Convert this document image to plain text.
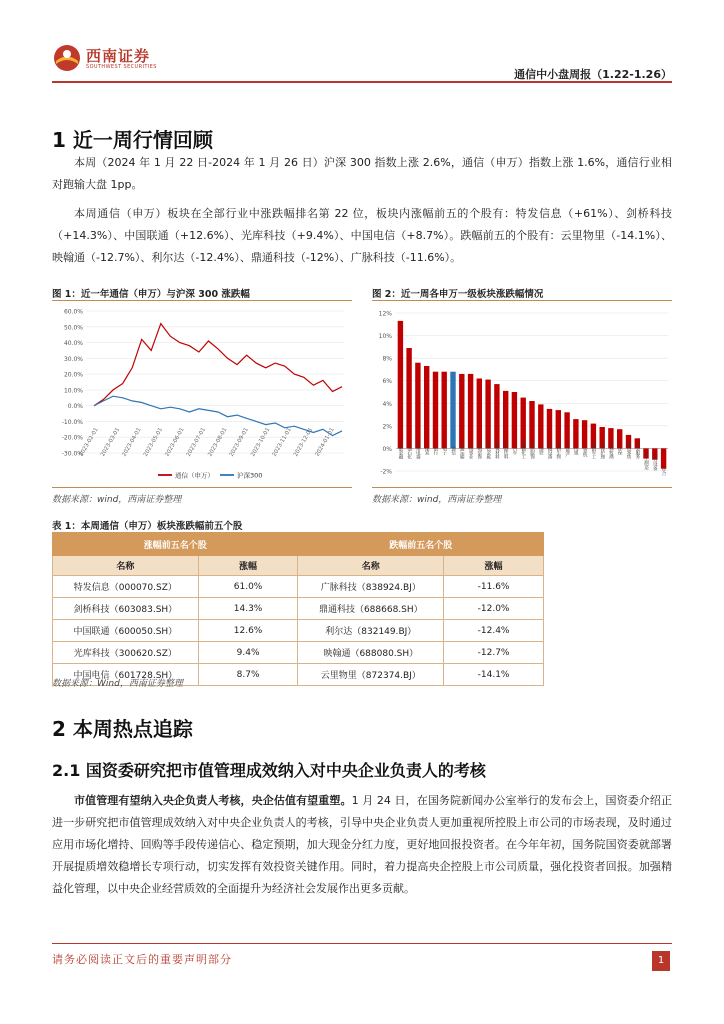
西南证券
SOUTHWEST SECURITIES
通信中小盘周报（1.22-1.26）
1 近一周行情回顾
本周（2024 年 1 月 22 日-2024 年 1 月 26 日）沪深 300 指数上涨 2.6%，通信（申万）指数上涨 1.6%，通信行业相对跑输大盘 1pp。
本周通信（申万）板块在全部行业中涨跌幅排名第 22 位，板块内涨幅前五的个股有：特发信息（+61%）、剑桥科技（+14.3%）、中国联通（+12.6%）、光库科技（+9.4%）、中国电信（+8.7%）。跌幅前五的个股有：云里物里（-14.1%）、映翰通（-12.7%）、利尔达（-12.4%）、鼎通科技（-12%）、广脉科技（-11.6%）。
图 1：近一年通信（申万）与沪深 300 涨跌幅	图 2：近一周各申万一级板块涨跌幅情况
60.0%
50.0%
40.0%
30.0%
20.0%
10.0%
0.0%
-10.0%
-20.0%
-30.0%
2023-02-01 2023-03-01 2023-04-01 2023-05-01 2023-06-01 2023-07-01 2023-08-01 2023-09-01 2023-10-01 2023-11-01 2023-12-01 2024-01-01
通信（申万）	沪深300
12%
10%
8%
6%
4%
2%
0%
-2%
非银金融 石油石化 家用电器 煤炭 银行 电子 通信 交通运输 公用事业 建筑装饰 有色金属 建筑材料 食品饮料 汽车 基础化工 纺织服饰 钢铁 机械设备 医药生物 房地产 传媒 计算机 国防军工 美容护理 农林牧渔 环保 商贸零售 社会服务
轻工制造 电力设备
综合
数据来源：wind，西南证券整理	数据来源：wind，西南证券整理
表 1：本周通信（申万）板块涨跌幅前五个股
涨幅前五名个股		跌幅前五名个股	
名称	涨幅	名称	涨幅
特发信息（000070.SZ）	61.0%	广脉科技（838924.BJ）	-11.6%
剑桥科技（603083.SH）	14.3%	鼎通科技（688668.SH）	-12.0%
中国联通（600050.SH）	12.6%	利尔达（832149.BJ）	-12.4%
光库科技（300620.SZ）	9.4%	映翰通（688080.SH）	-12.7%
中国电信（601728.SH）	8.7%	云里物里（872374.BJ）	-14.1%
数据来源：Wind，西南证券整理
2 本周热点追踪
2.1 国资委研究把市值管理成效纳入对中央企业负责人的考核
市值管理有望纳入央企负责人考核，央企估值有望重塑。1 月 24 日，在国务院新闻办公室举行的发布会上，国资委介绍正进一步研究把市值管理成效纳入对中央企业负责人的考核，引导中央企业负责人更加重视所控股上市公司的市场表现，及时通过应用市场化增持、回购等手段传递信心、稳定预期，加大现金分红力度，更好地回报投资者。在今年年初，国务院国资委就部署开展提质增效稳增长专项行动，切实发挥有效投资关键作用。同时，着力提高央企控股上市公司质量，强化投资者回报。加强精益化管理，以中央企业经营质效的全面提升为经济社会发展作出更多贡献。
请务必阅读正文后的重要声明部分	1
